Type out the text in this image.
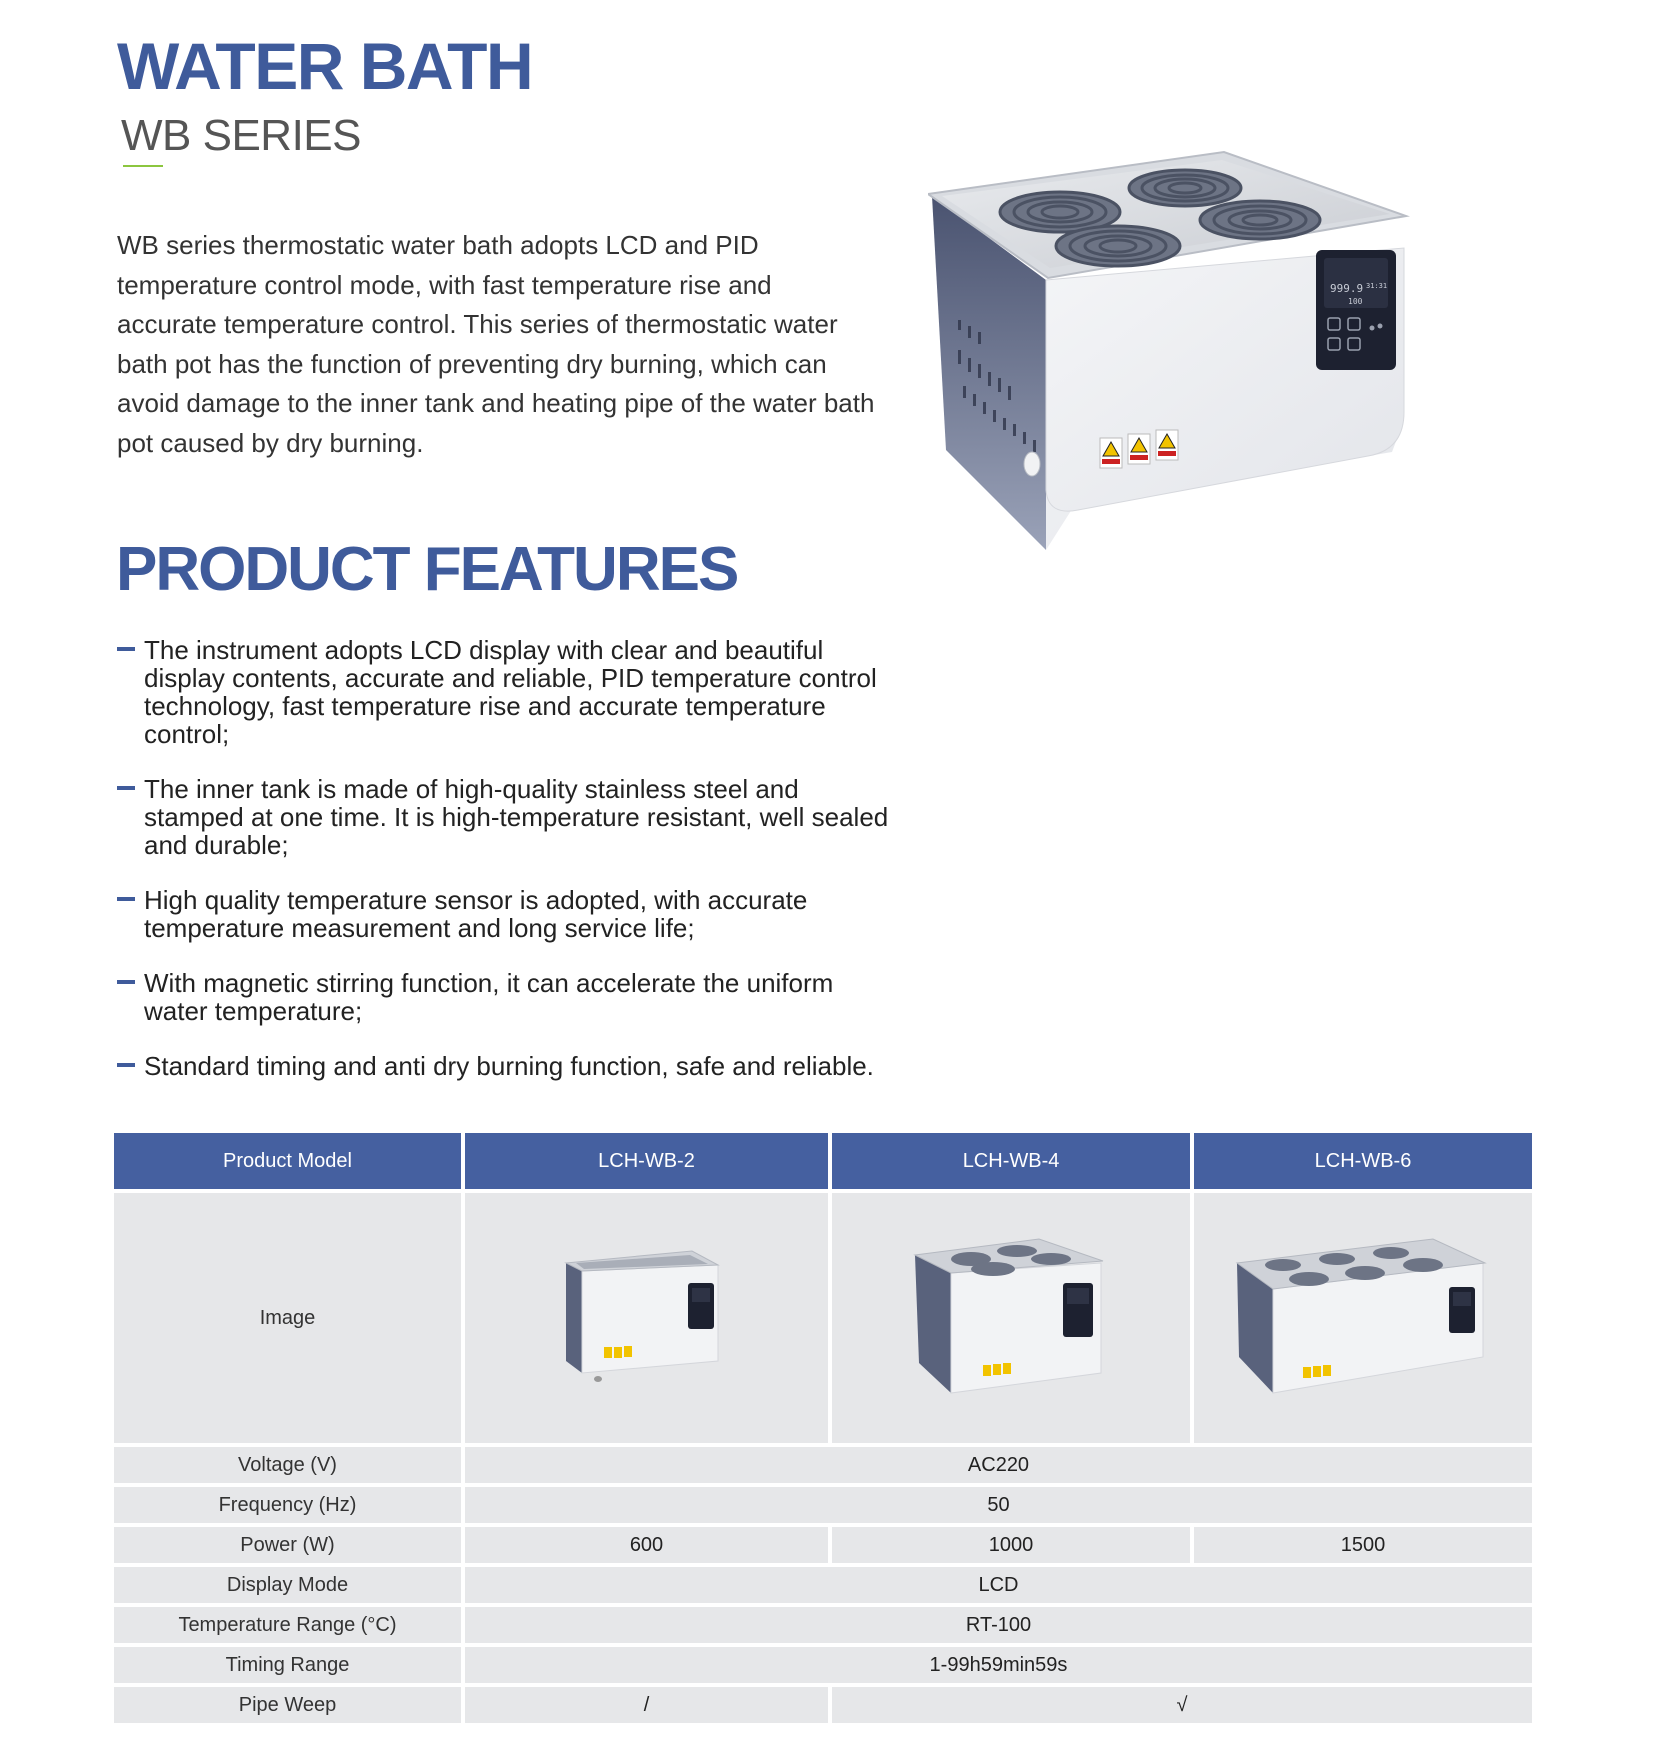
WATER BATH
WB SERIES

WB series thermostatic water bath adopts LCD and PID temperature control mode, with fast temperature rise and accurate temperature control. This series of thermostatic water bath pot has the function of preventing dry burning, which can avoid damage to the inner tank and heating pipe of the water bath pot caused by dry burning.

999.9 31:31
100
PRODUCT FEATURES
The instrument adopts LCD display with clear and beautiful display contents, accurate and reliable, PID temperature control technology, fast temperature rise and accurate temperature control;
The inner tank is made of high-quality stainless steel and stamped at one time. It is high-temperature resistant, well sealed and durable;
High quality temperature sensor is adopted, with accurate temperature measurement and long service life;
With magnetic stirring function, it can accelerate the uniform water temperature;
Standard timing and anti dry burning function, safe and reliable.
Product Model	LCH-WB-2	LCH-WB-4	LCH-WB-6
Image	

Voltage (V)	AC220		
Frequency (Hz)	50		
Power (W)	600	1000	1500
Display Mode	LCD		
Temperature Range (°C)	RT-100		
Timing Range	1-99h59min59s		
Pipe Weep	/	√	
